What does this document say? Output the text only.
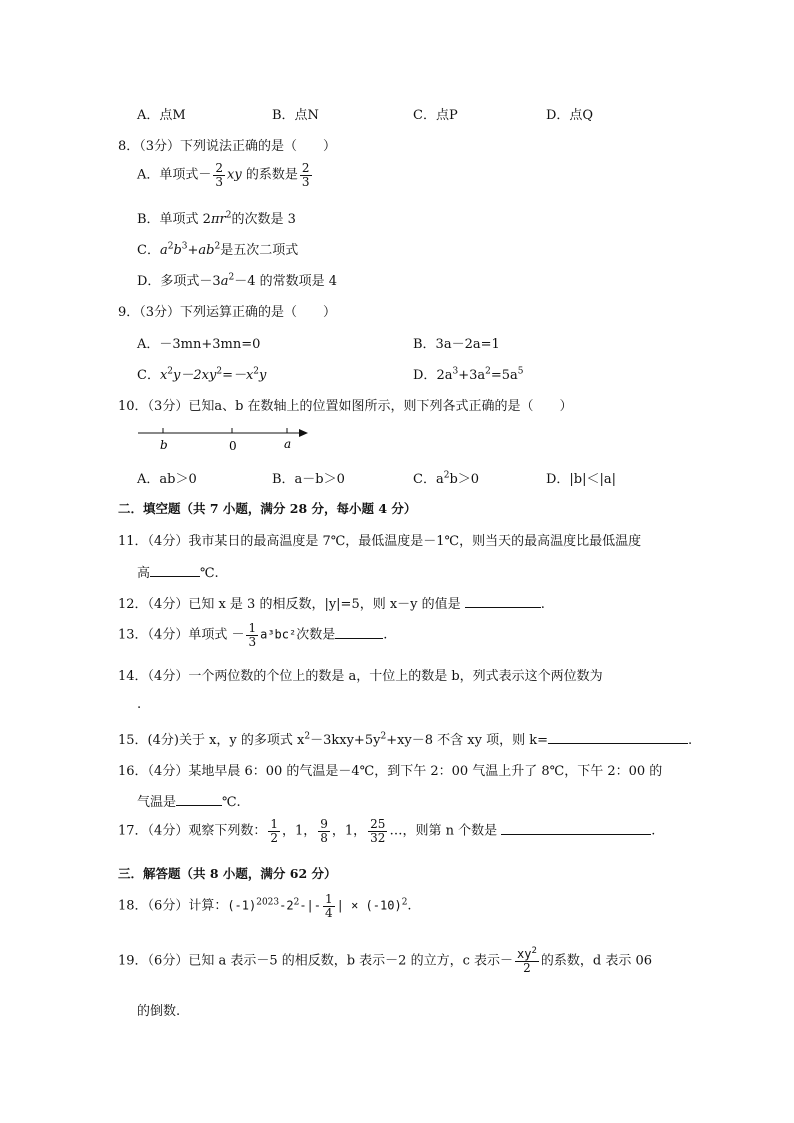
A．点M	B．点N	C．点P	D．点Q
8．（3分）下列说法正确的是（　　）
A．单项式－ $\frac{2}{3}$ xy 的系数是 $\frac{2}{3}$
B．单项式 $2\pi r^2$的次数是 3
C．$a^2b^3+ab^2$是五次二项式
D．多项式$-3a^2-4$ 的常数项是 4
9．（3分）下列运算正确的是（　　）
A．－3mn+3mn=0	B．3a－2a=1
C．$x^2y-2xy^2=-x^2y$	D．$2a^3+3a^2=5a^5$
10．（3分）已知a、b 在数轴上的位置如图所示，则下列各式正确的是（　　）
b	0	a
A．ab＞0	B．a－b＞0	C．$a^2b>0$	D．|b|＜|a|
二．填空题（共 7 小题，满分 28 分，每小题 4 分）
11．（4分）我市某日的最高温度是 7℃，最低温度是－1℃，则当天的最高温度比最低温度
高	℃.
12．（4分）已知 x 是 3 的相反数，|y|=5，则 x－y 的值是	.
13．（4分）单项式 － $\frac{1}{3} a^3bc^2$次数是	.
14．（4分）一个两位数的个位上的数是 a，十位上的数是 b，列式表示这个两位数为
.
15．(4分)关于 x，y 的多项式 $x^2-3kxy+5y^2+xy-8$ 不含 xy 项，则 k=	.
16．（4分）某地早晨 6：00 的气温是－4℃，到下午 2：00 气温上升了 8℃，下午 2：00 的
气温是	℃.
17．（4分）观察下列数： $\frac{1}{2}$ ，1， $\frac{9}{8}$ ，1， $\frac{25}{32}$ …，则第 n 个数是	.
三．解答题（共 8 小题，满分 62 分）
18．（6分）计算：$(-1)^{2023}-2^2-|- \frac{1}{4}$ | × $(-10)^2$.
19．（6分）已知 a 表示－5 的相反数，b 表示－2 的立方，c 表示－ $\frac{xy^2}{2}$ 的系数，d 表示 06
的倒数.
